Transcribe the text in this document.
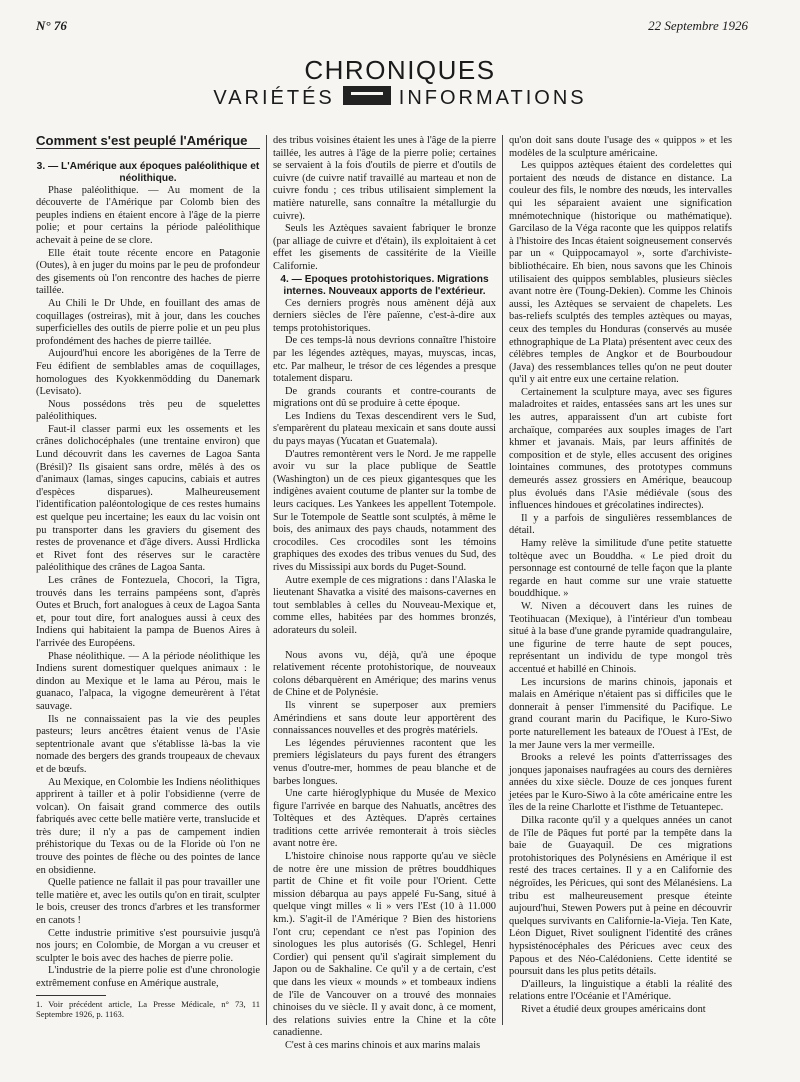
N° 76	22 Septembre 1926
CHRONIQUES
VARIÉTÉS	INFORMATIONS

Comment s'est peuplé l'Amérique

3. — L'Amérique aux époques paléolithique et néolithique.

Phase paléolithique. — Au moment de la découverte de l'Amérique par Colomb bien des peuples indiens en étaient encore à l'âge de la pierre polie; et pour certains la période paléolithique achevait à peine de se clore.

Elle était toute récente encore en Patagonie (Outes), à en juger du moins par le peu de profondeur des gisements où l'on rencontre des haches de pierre taillée.

Au Chili le Dr Uhde, en fouillant des amas de coquillages (ostreiras), mit à jour, dans les couches superficielles des outils de pierre polie et un peu plus profondément des haches de pierre taillée.

Aujourd'hui encore les aborigènes de la Terre de Feu édifient de semblables amas de coquillages, homologues des Kyokkenmödding du Danemark (Levisato).

Nous possédons très peu de squelettes paléolithiques.

Faut-il classer parmi eux les ossements et les crânes dolichocéphales (une trentaine environ) que Lund découvrit dans les cavernes de Lagoa Santa (Brésil)? Ils gisaient sans ordre, mêlés à des os d'animaux (lamas, singes capucins, cabiais et autres d'espèces disparues). Malheureusement l'identification paléontologique de ces restes humains est quelque peu incertaine; les eaux du lac voisin ont pu transporter dans les graviers du gisement des restes de provenance et d'âge divers. Aussi Hrdlicka et Rivet font des réserves sur le caractère paléolithique des crânes de Lagoa Santa.

Les crânes de Fontezuela, Chocori, la Tigra, trouvés dans les terrains pampéens sont, d'après Outes et Bruch, fort analogues à ceux de Lagoa Santa et, pour tout dire, fort analogues aussi à ceux des Indiens qui habitaient la pampa de Buenos Aires à l'arrivée des Européens.

Phase néolithique. — A la période néolithique les Indiens surent domestiquer quelques animaux : le dindon au Mexique et le lama au Pérou, mais le guanaco, l'alpaca, la vigogne demeurèrent à l'état sauvage.

Ils ne connaissaient pas la vie des peuples pasteurs; leurs ancêtres étaient venus de l'Asie septentrionale avant que s'établisse là-bas la vie nomade des bergers des grands troupeaux de chevaux et de bœufs.

Au Mexique, en Colombie les Indiens néolithiques apprirent à tailler et à polir l'obsidienne (verre de volcan). On faisait grand commerce des outils fabriqués avec cette belle matière verte, translucide et très dure; il n'y a pas de campement indien préhistorique du Texas ou de la Floride où l'on ne trouve des pointes de flèche ou des pointes de lance en obsidienne.

Quelle patience ne fallait il pas pour travailler une telle matière et, avec les outils qu'on en tirait, sculpter le bois, creuser des troncs d'arbres et les transformer en canots !

Cette industrie primitive s'est poursuivie jusqu'à nos jours; en Colombie, de Morgan a vu creuser et sculpter le bois avec des haches de pierre polie.

L'industrie de la pierre polie est d'une chronologie extrêmement confuse en Amérique australe,

1. Voir précédent article, La Presse Médicale, n° 73, 11 Septembre 1926, p. 1163.

des tribus voisines étaient les unes à l'âge de la pierre taillée, les autres à l'âge de la pierre polie; certaines se servaient à la fois d'outils de pierre et d'outils de cuivre (de cuivre natif travaillé au marteau et non de cuivre fondu ; ces tribus utilisaient simplement la matière naturelle, sans connaître la métallurgie du cuivre).

Seuls les Aztèques savaient fabriquer le bronze (par alliage de cuivre et d'étain), ils exploitaient à cet effet les gisements de cassitérite de la Vieille Californie.

4. — Epoques protohistoriques. Migrations internes. Nouveaux apports de l'extérieur.

Ces derniers progrès nous amènent déjà aux derniers siècles de l'ère païenne, c'est-à-dire aux temps protohistoriques.

De ces temps-là nous devrions connaître l'histoire par les légendes aztèques, mayas, muyscas, incas, etc. Par malheur, le trésor de ces légendes a presque totalement disparu.

De grands courants et contre-courants de migrations ont dû se produire à cette époque.

Les Indiens du Texas descendirent vers le Sud, s'emparèrent du plateau mexicain et sans doute aussi du pays mayas (Yucatan et Guatemala).

D'autres remontèrent vers le Nord. Je me rappelle avoir vu sur la place publique de Seattle (Washington) un de ces pieux gigantesques que les indigènes avaient coutume de planter sur la tombe de leurs caciques. Les Yankees les appellent Totempole. Sur le Totempole de Seattle sont sculptés, à même le bois, des animaux des pays chauds, notamment des crocodiles. Ces crocodiles sont les témoins graphiques des exodes des tribus venues du Sud, des rives du Mississipi aux bords du Puget-Sound.

Autre exemple de ces migrations : dans l'Alaska le lieutenant Shavatka a visité des maisons-cavernes en tout semblables à celles du Nouveau-Mexique et, comme elles, habitées par des hommes bronzés, adorateurs du soleil.

Nous avons vu, déjà, qu'à une époque relativement récente protohistorique, de nouveaux colons débarquèrent en Amérique; des marins venus de Chine et de Polynésie.

Ils vinrent se superposer aux premiers Amérindiens et sans doute leur apportèrent des connaissances nouvelles et des progrès matériels.

Les légendes péruviennes racontent que les premiers législateurs du pays furent des étrangers venus d'outre-mer, hommes de peau blanche et de barbes longues.

Une carte hiéroglyphique du Musée de Mexico figure l'arrivée en barque des Nahuatls, ancêtres des Toltèques et des Aztèques. D'après certaines traditions cette arrivée remonterait à trois siècles avant notre ère.

L'histoire chinoise nous rapporte qu'au ve siècle de notre ère une mission de prêtres bouddhiques partit de Chine et fit voile pour l'Orient. Cette mission débarqua au pays appelé Fu-Sang, situé à quelque vingt milles « li » vers l'Est (10 à 11.000 km.). S'agit-il de l'Amérique ? Bien des historiens l'ont cru; cependant ce n'est pas l'opinion des sinologues les plus autorisés (G. Schlegel, Henri Cordier) qui pensent qu'il s'agirait simplement du Japon ou de Sakhaline. Ce qu'il y a de certain, c'est que dans les vieux « mounds » et tombeaux indiens de l'île de Vancouver on a trouvé des monnaies chinoises du ve siècle. Il y avait donc, à ce moment, des relations suivies entre la Chine et la côte canadienne.

C'est à ces marins chinois et aux marins malais

qu'on doit sans doute l'usage des « quippos » et les modèles de la sculpture américaine.

Les quippos aztèques étaient des cordelettes qui portaient des nœuds de distance en distance. La couleur des fils, le nombre des nœuds, les intervalles qui les séparaient avaient une signification mnémotechnique (historique ou mathématique). Garcilaso de la Véga raconte que les quippos relatifs à l'histoire des Incas étaient soigneusement conservés par un « Quippocamayol », sorte d'archiviste-bibliothécaire. Eh bien, nous savons que les Chinois utilisaient des quippos semblables, plusieurs siècles avant notre ère (Toung-Dekien). Comme les Chinois aussi, les Aztèques se servaient de chapelets. Les bas-reliefs sculptés des temples aztèques ou mayas, ceux des temples du Honduras (conservés au musée ethnographique de La Plata) présentent avec ceux des célèbres temples de Angkor et de Bourboudour (Java) des ressemblances telles qu'on ne peut douter qu'il y ait entre eux une certaine relation.

Certainement la sculpture maya, avec ses figures maladroites et raides, entassées sans art les unes sur les autres, apparaissent d'un art cubiste fort archaïque, comparées aux souples images de l'art khmer et javanais. Mais, par leurs affinités de composition et de style, elles accusent des origines lointaines communes, des prototypes communs demeurés assez grossiers en Amérique, beaucoup plus évolués dans l'Asie médiévale (sous des influences hindoues et grécolatines indirectes).

Il y a parfois de singulières ressemblances de détail.

Hamy relève la similitude d'une petite statuette toltèque avec un Bouddha. « Le pied droit du personnage est contourné de telle façon que la plante regarde en haut comme sur une vraie statuette bouddhique. »

W. Niven a découvert dans les ruines de Teotihuacan (Mexique), à l'intérieur d'un tombeau situé à la base d'une grande pyramide quadrangulaire, une figurine de terre haute de sept pouces, représentant un individu de type mongol très accentué et habillé en Chinois.

Les incursions de marins chinois, japonais et malais en Amérique n'étaient pas si difficiles que le donnerait à penser l'immensité du Pacifique. Le grand courant marin du Pacifique, le Kuro-Siwo porte naturellement les bateaux de l'Ouest à l'Est, de la mer Jaune vers la mer vermeille.

Brooks a relevé les points d'atterrissages des jonques japonaises naufragées au cours des dernières années du xixe siècle. Douze de ces jonques furent jetées par le Kuro-Siwo à la côte américaine entre les îles de la reine Charlotte et l'isthme de Tetuantepec.

Dilka raconte qu'il y a quelques années un canot de l'île de Pâques fut porté par la tempête dans la baie de Guayaquil. De ces migrations protohistoriques des Polynésiens en Amérique il est resté des traces certaines. Il y a en Californie des négroïdes, les Péricues, qui sont des Mélanésiens. La tribu est malheureusement presque éteinte aujourd'hui, Stewen Powers put à peine en découvrir quelques survivants en Californie-la-Vieja. Ten Kate, Léon Diguet, Rivet soulignent l'identité des crânes hypsisténocéphales des Péricues avec ceux des Papous et des Néo-Calédoniens. Cette identité se poursuit dans les plus petits détails.

D'ailleurs, la linguistique a établi la réalité des relations entre l'Océanie et l'Amérique.

Rivet a étudié deux groupes américains dont
